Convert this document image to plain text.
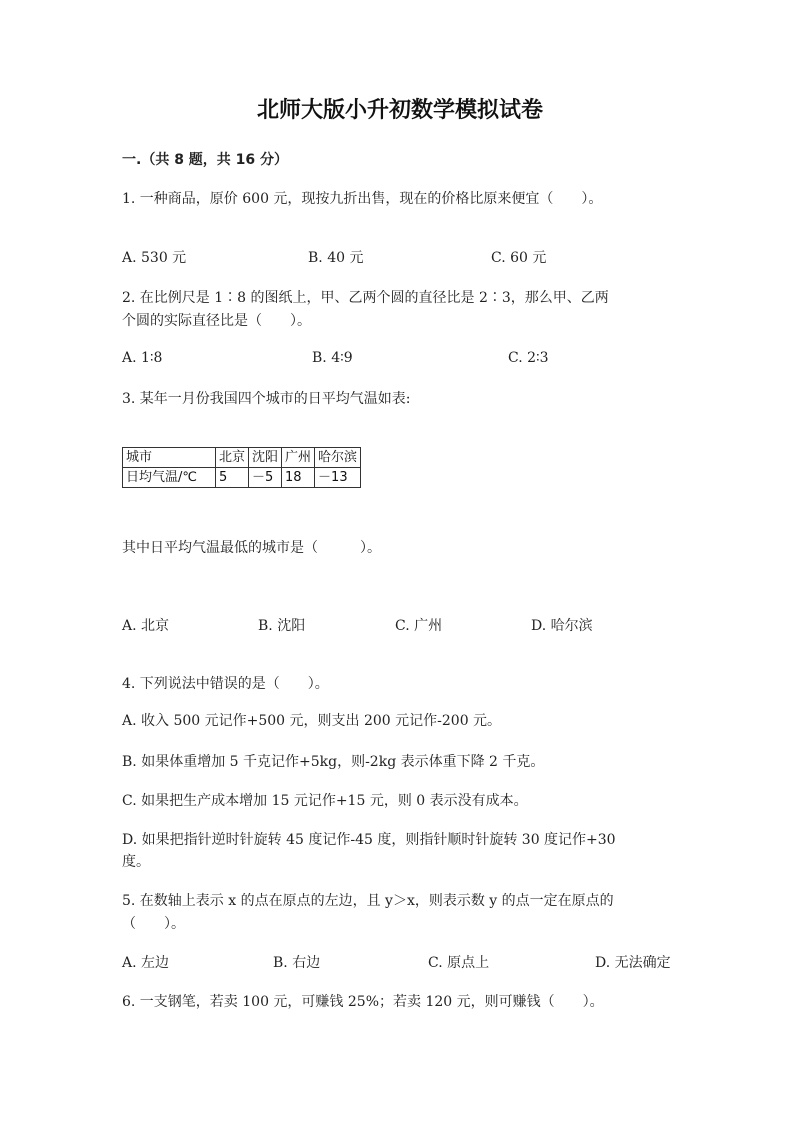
北师大版小升初数学模拟试卷
一.（共 8 题，共 16 分）
1. 一种商品，原价 600 元，现按九折出售，现在的价格比原来便宜（　　）。
A. 530 元	B. 40 元	C. 60 元
2. 在比例尺是 1∶8 的图纸上，甲、乙两个圆的直径比是 2∶3，那么甲、乙两
个圆的实际直径比是（　　）。
A. 1∶8	B. 4∶9	C. 2∶3
3. 某年一月份我国四个城市的日平均气温如表:
城市	北京	沈阳	广州	哈尔滨
日均气温/℃	5	－5	18	－13
其中日平均气温最低的城市是（　　　）。
A. 北京	B. 沈阳	C. 广州	D. 哈尔滨
4. 下列说法中错误的是（　　）。
A. 收入 500 元记作+500 元，则支出 200 元记作-200 元。
B. 如果体重增加 5 千克记作+5kg，则-2kg 表示体重下降 2 千克。
C. 如果把生产成本增加 15 元记作+15 元，则 0 表示没有成本。
D. 如果把指针逆时针旋转 45 度记作-45 度，则指针顺时针旋转 30 度记作+30
度。
5. 在数轴上表示 x 的点在原点的左边，且 y＞x，则表示数 y 的点一定在原点的
（　　）。
A. 左边	B. 右边	C. 原点上	D. 无法确定
6. 一支钢笔，若卖 100 元，可赚钱 25%；若卖 120 元，则可赚钱（　　）。
